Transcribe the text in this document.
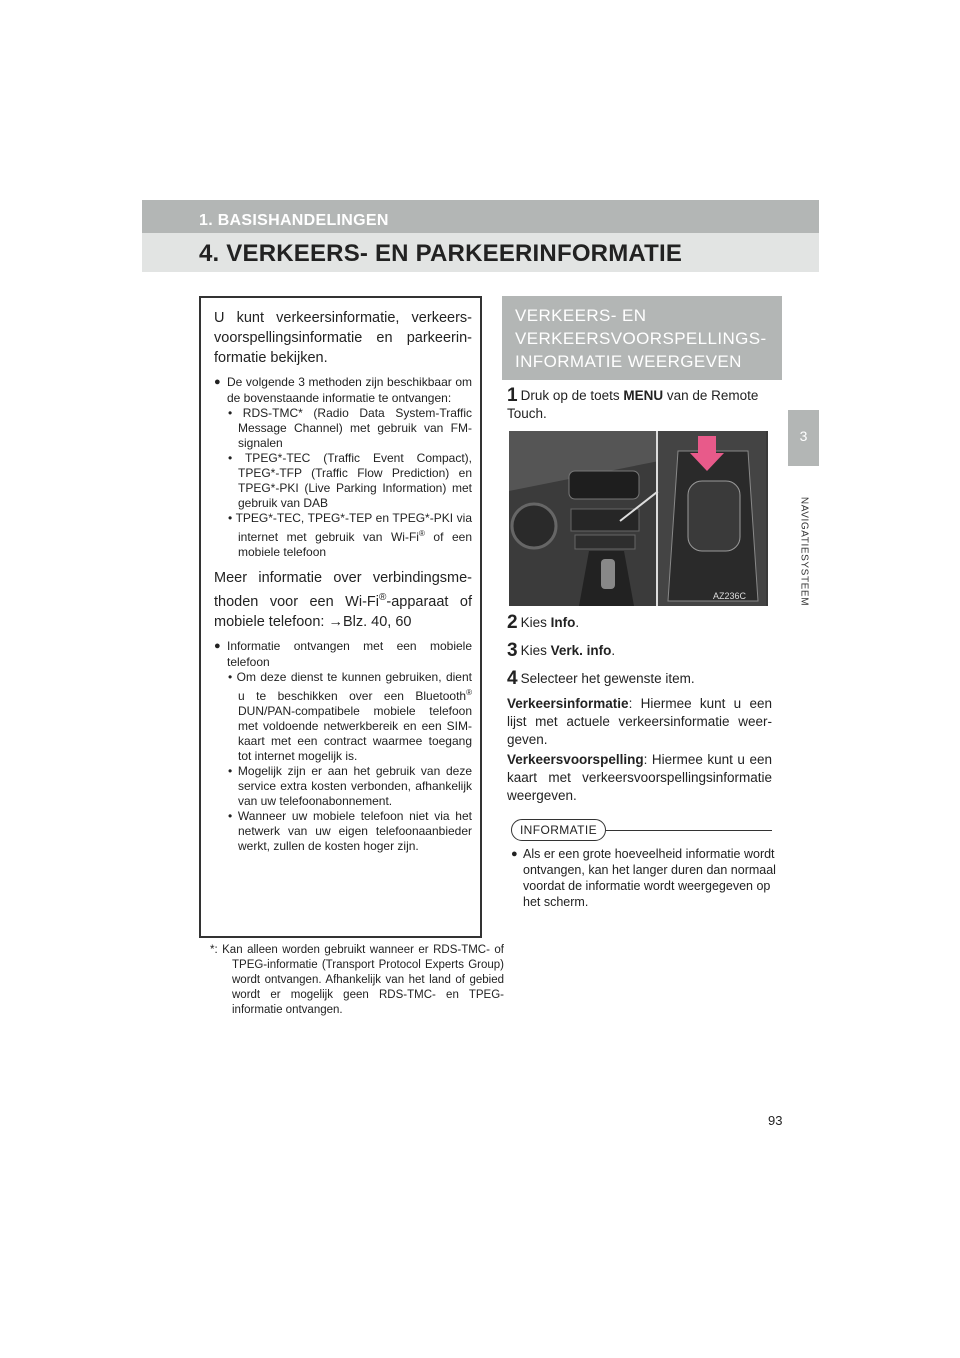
1. BASISHANDELINGEN
4. VERKEERS- EN PARKEERINFORMATIE
3
NAVIGATIESYSTEEM

U kunt verkeersinformatie, verkeersvoorspellingsinformatie en parkeerinformatie bekijken.

● De volgende 3 methoden zijn beschikbaar om de bovenstaande informatie te ontvangen:

• RDS-TMC* (Radio Data System-Traffic Message Channel) met gebruik van FM-signalen

• TPEG*-TEC (Traffic Event Compact), TPEG*-TFP (Traffic Flow Prediction) en TPEG*-PKI (Live Parking Information) met gebruik van DAB

• TPEG*-TEC, TPEG*-TEP en TPEG*-PKI via internet met gebruik van Wi-Fi® of een mobiele telefoon

Meer informatie over verbindingsmethoden voor een Wi-Fi®-apparaat of mobiele telefoon: →Blz. 40, 60

● Informatie ontvangen met een mobiele telefoon

• Om deze dienst te kunnen gebruiken, dient u te beschikken over een Bluetooth® DUN/PAN-compatibele mobiele telefoon met voldoende netwerkbereik en een SIM-kaart met een contract waarmee toegang tot internet mogelijk is.

• Mogelijk zijn er aan het gebruik van deze service extra kosten verbonden, afhankelijk van uw telefoonabonnement.

• Wanneer uw mobiele telefoon niet via het netwerk van uw eigen telefoonaanbieder werkt, zullen de kosten hoger zijn.

*: Kan alleen worden gebruikt wanneer er RDS-TMC- of TPEG-informatie (Transport Protocol Experts Group) wordt ontvangen. Afhankelijk van het land of gebied wordt er mogelijk geen RDS-TMC- en TPEG-informatie ontvangen.
VERKEERS- EN
VERKEERSVOORSPELLINGS-
INFORMATIE WEERGEVEN
1 Druk op de toets MENU van de Remote Touch.
AZ236C
2 Kies Info.
3 Kies Verk. info.
4 Selecteer het gewenste item.
Verkeersinformatie: Hiermee kunt u een lijst met actuele verkeersinformatie weergeven.
Verkeersvoorspelling: Hiermee kunt u een kaart met verkeersvoorspellingsinformatie weergeven.
INFORMATIE
● Als er een grote hoeveelheid informatie wordt ontvangen, kan het langer duren dan normaal voordat de informatie wordt weergegeven op het scherm.
93
